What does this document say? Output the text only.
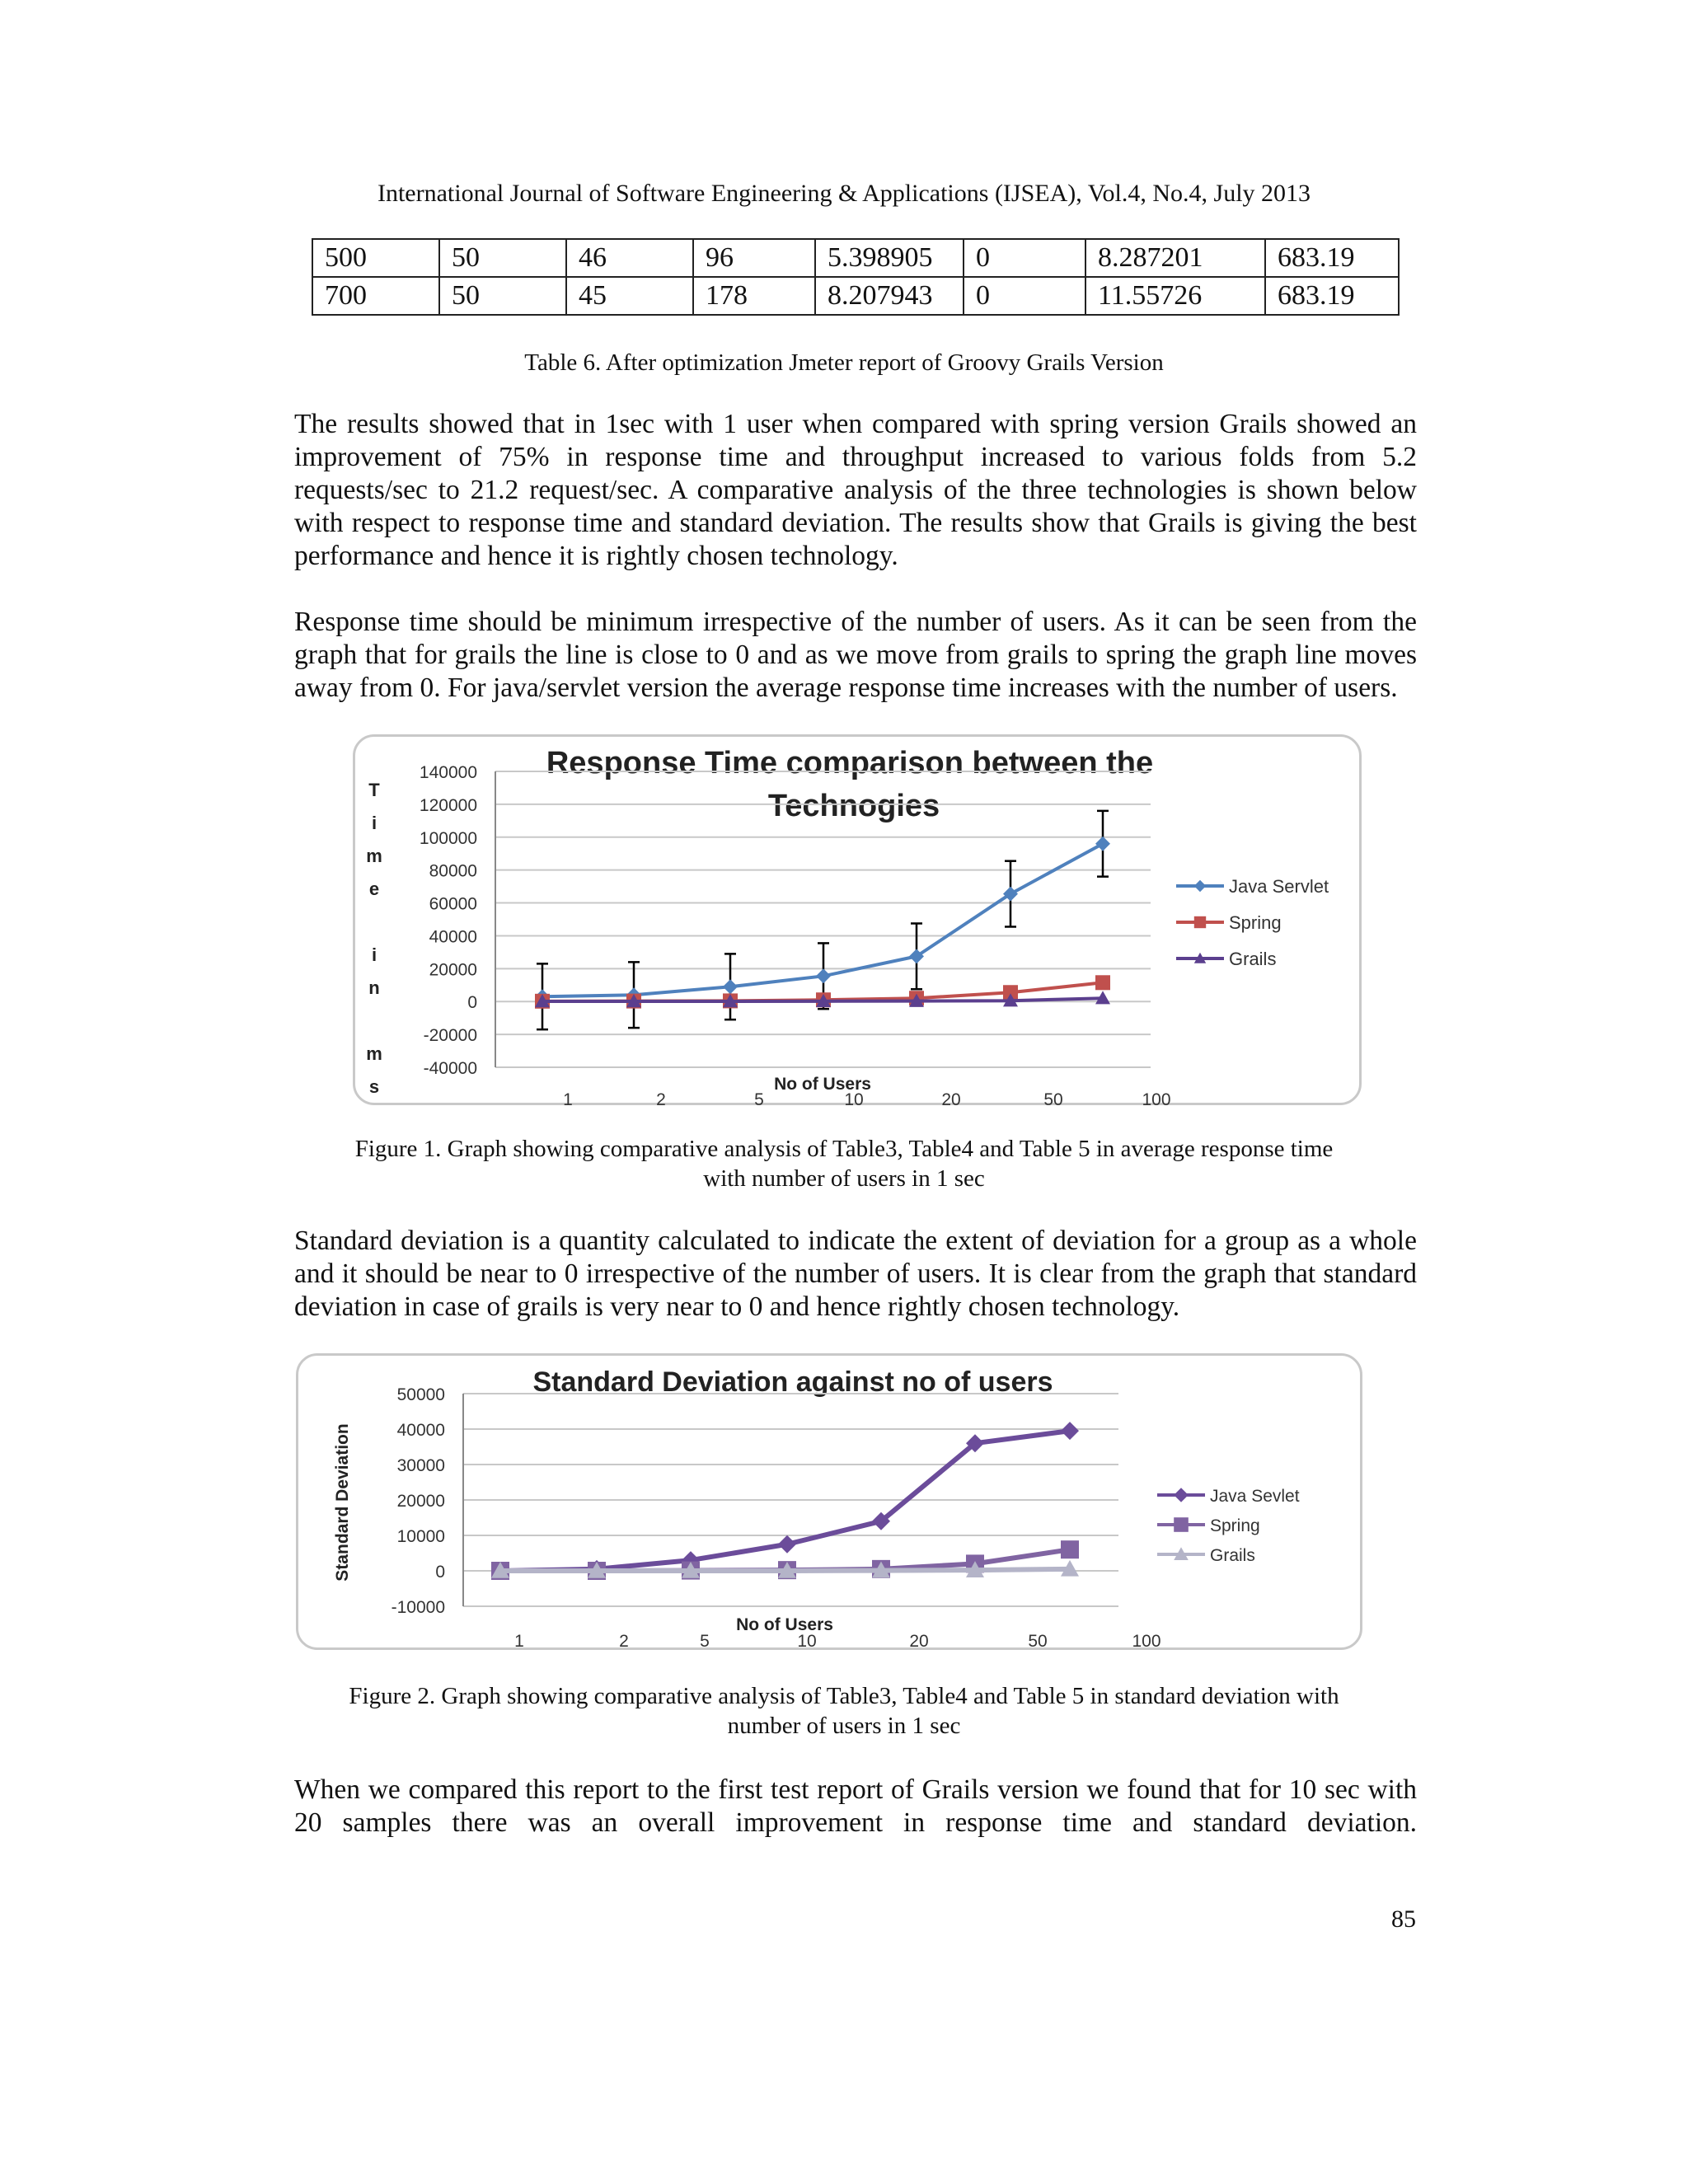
International Journal of Software Engineering & Applications (IJSEA), Vol.4, No.4, July 2013
500	50	46	96	5.398905	0	8.287201	683.19
700	50	45	178	8.207943	0	11.55726	683.19
Table 6. After optimization Jmeter report of Groovy Grails Version
The results showed that in 1sec with 1 user when compared with spring version Grails showed an improvement of 75% in response time and throughput increased to various folds from 5.2 requests/sec to 21.2 request/sec. A comparative analysis of the three technologies is shown below with respect to response time and standard deviation. The results show that Grails is giving the best performance and hence it is rightly chosen technology.
Response time should be minimum irrespective of the number of users. As it can be seen from the graph that for grails the line is close to 0 and as we move from grails to spring the graph line moves away from 0. For java/servlet version the average response time increases with the number of users.
Response Time comparison between the
Technogies
T
i
m
e
i
n
m
s
140000
120000
100000
80000
60000
40000
20000
0
-20000
-40000
1	2	5	10	20	50	100
No of Users
Java Servlet
Spring
Grails
Figure 1. Graph showing comparative analysis of Table3, Table4 and Table 5 in average response time
with number of users in 1 sec
Standard deviation is a quantity calculated to indicate the extent of deviation for a group as a whole and it should be near to 0 irrespective of the number of users. It is clear from the graph that standard deviation in case of grails is very near to 0 and hence rightly chosen technology.
Standard Deviation against no of users
Standard Deviation
50000
40000
30000
20000
10000
0
-10000
1	2	5	10	20	50	100
No of Users
Java Sevlet
Spring
Grails
Figure 2. Graph showing comparative analysis of Table3, Table4 and Table 5 in standard deviation with
number of users in 1 sec
When we compared this report to the first test report of Grails version we found that for 10 sec with 20 samples there was an overall improvement in response time and standard deviation.
85
